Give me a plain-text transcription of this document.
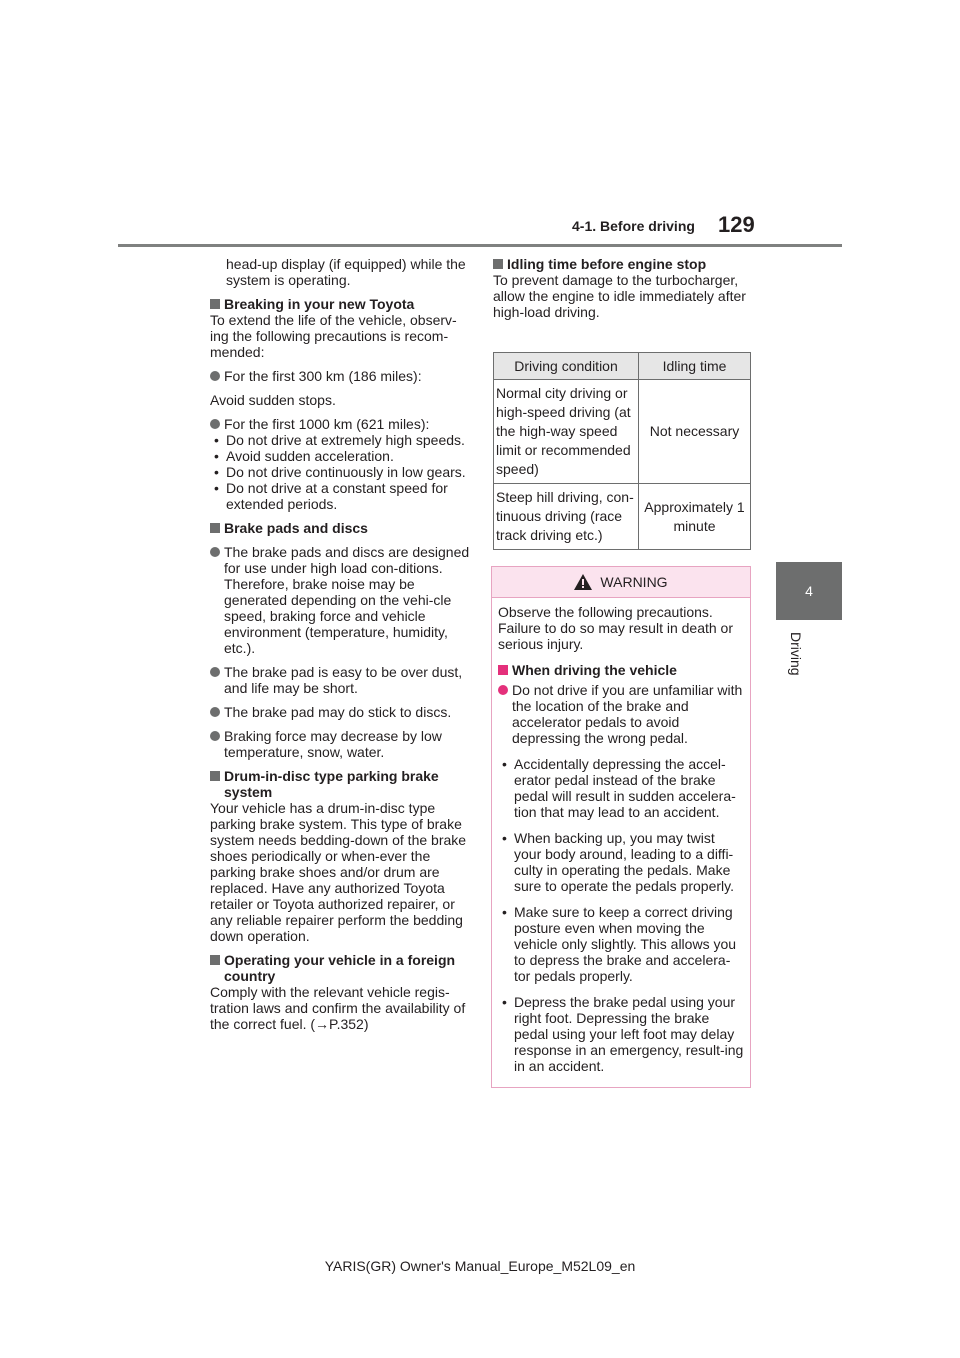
4-1. Before driving 129
4
Driving

head-up display (if equipped) while the system is operating.

Breaking in your new Toyota

To extend the life of the vehicle, observ-ing the following precautions is recom-mended:

For the first 300 km (186 miles):

Avoid sudden stops.

For the first 1000 km (621 miles):

• Do not drive at extremely high speeds.

• Avoid sudden acceleration.

• Do not drive continuously in low gears.

• Do not drive at a constant speed for extended periods.

Brake pads and discs

The brake pads and discs are designed for use under high load con-ditions. Therefore, brake noise may be generated depending on the vehi-cle speed, braking force and vehicle environment (temperature, humidity, etc.).

The brake pad is easy to be over dust, and life may be short.

The brake pad may do stick to discs.

Braking force may decrease by low temperature, snow, water.

Drum-in-disc type parking brake system

Your vehicle has a drum-in-disc type parking brake system. This type of brake system needs bedding-down of the brake shoes periodically or when-ever the parking brake shoes and/or drum are replaced. Have any authorized Toyota retailer or Toyota authorized repairer, or any reliable repairer perform the bedding down operation.

Operating your vehicle in a foreign country

Comply with the relevant vehicle regis-tration laws and confirm the availability of the correct fuel. (→P.352)

Idling time before engine stop

To prevent damage to the turbocharger, allow the engine to idle immediately after high-load driving.

Driving condition	Idling time
Normal city driving or high-speed driving (at the high-way speed limit or recommended speed)	Not necessary
Steep hill driving, con-tinuous driving (race track driving etc.)	Approximately 1 minute
WARNING

Observe the following precautions. Failure to do so may result in death or serious injury.

When driving the vehicle

Do not drive if you are unfamiliar with the location of the brake and accelerator pedals to avoid depressing the wrong pedal.

• Accidentally depressing the accel-erator pedal instead of the brake pedal will result in sudden accelera-tion that may lead to an accident.

• When backing up, you may twist your body around, leading to a diffi-culty in operating the pedals. Make sure to operate the pedals properly.

• Make sure to keep a correct driving posture even when moving the vehicle only slightly. This allows you to depress the brake and accelera-tor pedals properly.

• Depress the brake pedal using your right foot. Depressing the brake pedal using your left foot may delay response in an emergency, result-ing in an accident.

YARIS(GR) Owner's Manual_Europe_M52L09_en
